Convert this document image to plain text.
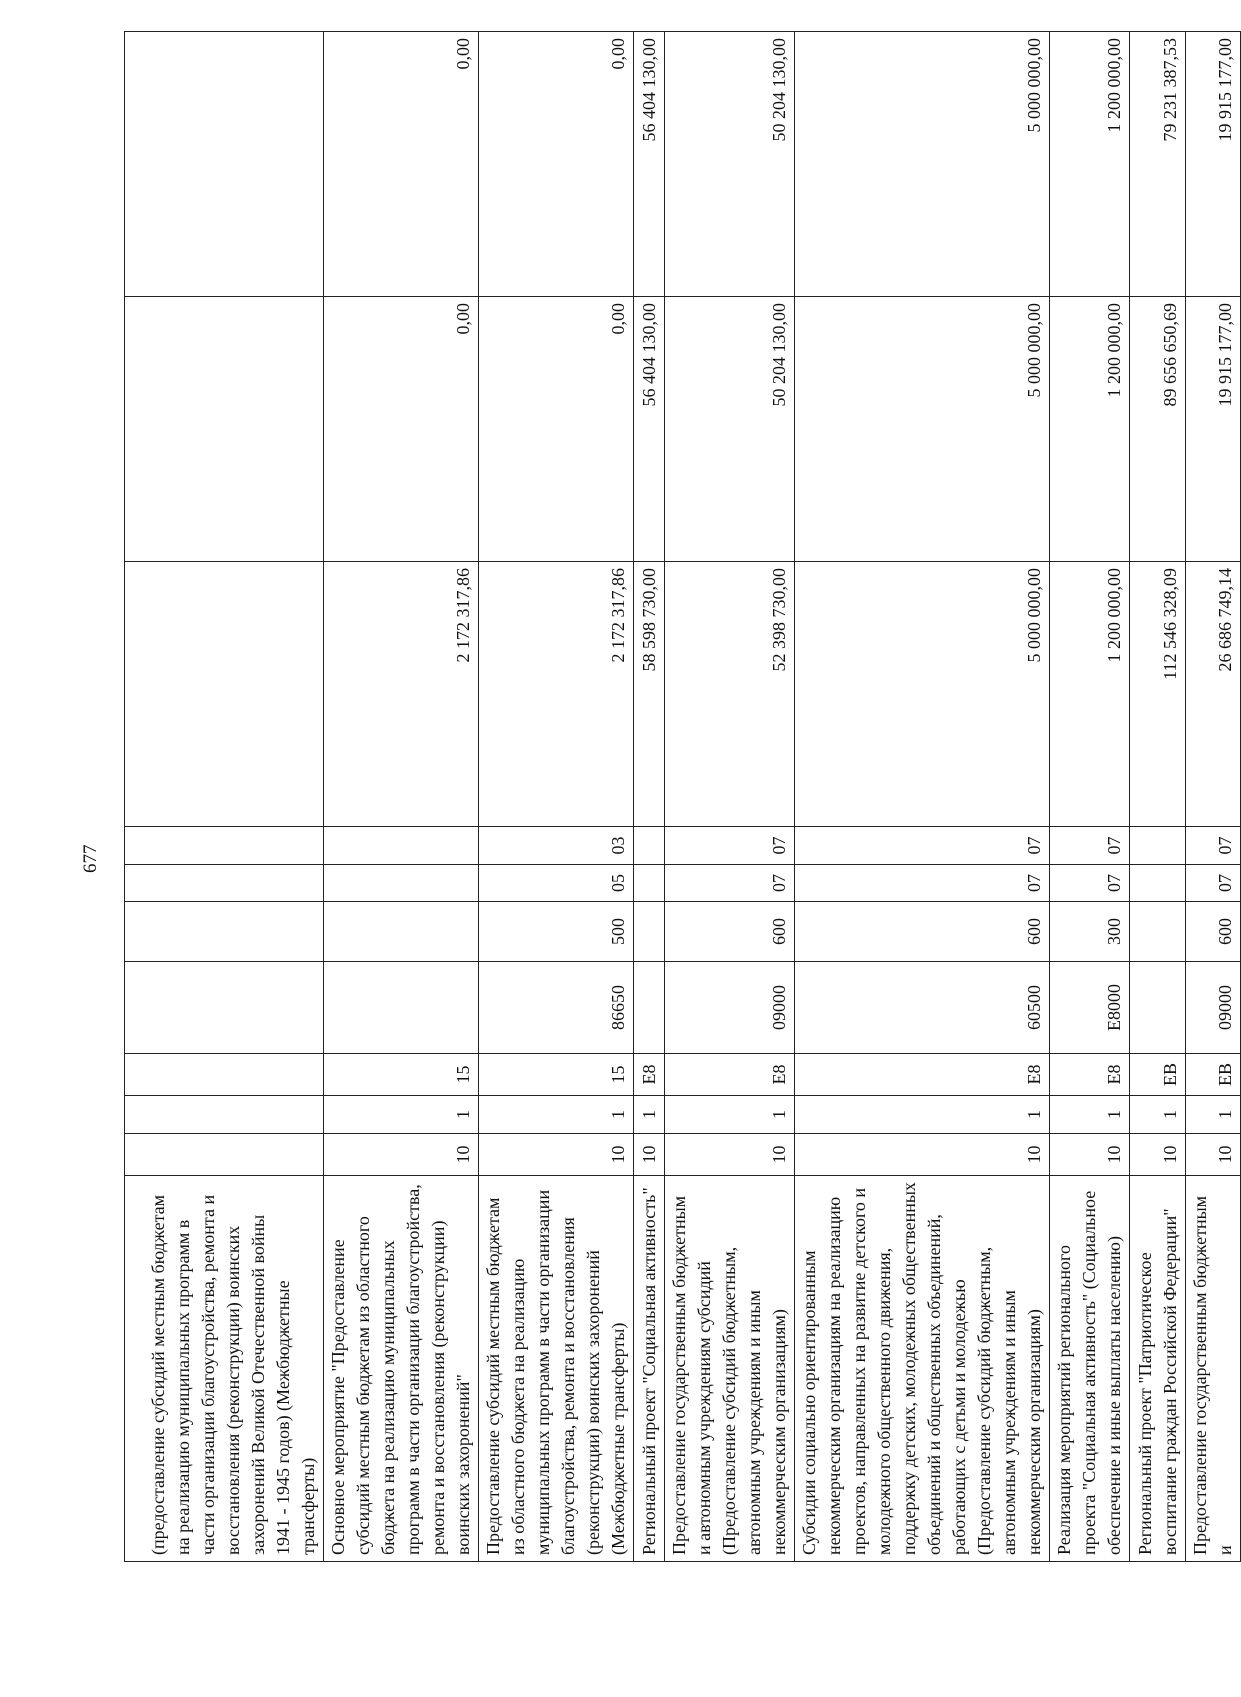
677
(предоставление субсидий местным бюджетам на реализацию муниципальных программ в части организации благоустройства, ремонта и восстановления (реконструкции) воинских захоронений Великой Отечественной войны 1941 - 1945 годов) (Межбюджетные трансферты)										
Основное мероприятие "Предоставление субсидий местным бюджетам из областного бюджета на реализацию муниципальных программ в части организации благоустройства, ремонта и восстановления (реконструкции) воинских захоронений"	10	1	15					2 172 317,86	0,00	0,00
Предоставление субсидий местным бюджетам из областного бюджета на реализацию муниципальных программ в части организации благоустройства, ремонта и восстановления (реконструкции) воинских захоронений (Межбюджетные трансферты)	10	1	15	86650	500	05	03	2 172 317,86	0,00	0,00
Региональный проект "Социальная активность"	10	1	E8					58 598 730,00	56 404 130,00	56 404 130,00
Предоставление государственным бюджетным и автономным учреждениям субсидий (Предоставление субсидий бюджетным, автономным учреждениям и иным некоммерческим организациям)	10	1	E8	09000	600	07	07	52 398 730,00	50 204 130,00	50 204 130,00
Субсидии социально ориентированным некоммерческим организациям на реализацию проектов, направленных на развитие детского и молодежного общественного движения, поддержку детских, молодежных общественных объединений и общественных объединений, работающих с детьми и молодежью (Предоставление субсидий бюджетным, автономным учреждениям и иным некоммерческим организациям)	10	1	E8	60500	600	07	07	5 000 000,00	5 000 000,00	5 000 000,00
Реализация мероприятий регионального проекта "Социальная активность" (Социальное обеспечение и иные выплаты населению)	10	1	E8	E8000	300	07	07	1 200 000,00	1 200 000,00	1 200 000,00
Региональный проект "Патриотическое воспитание граждан Российской Федерации"	10	1	EB					112 546 328,09	89 656 650,69	79 231 387,53
Предоставление государственным бюджетным и	10	1	EB	09000	600	07	07	26 686 749,14	19 915 177,00	19 915 177,00
